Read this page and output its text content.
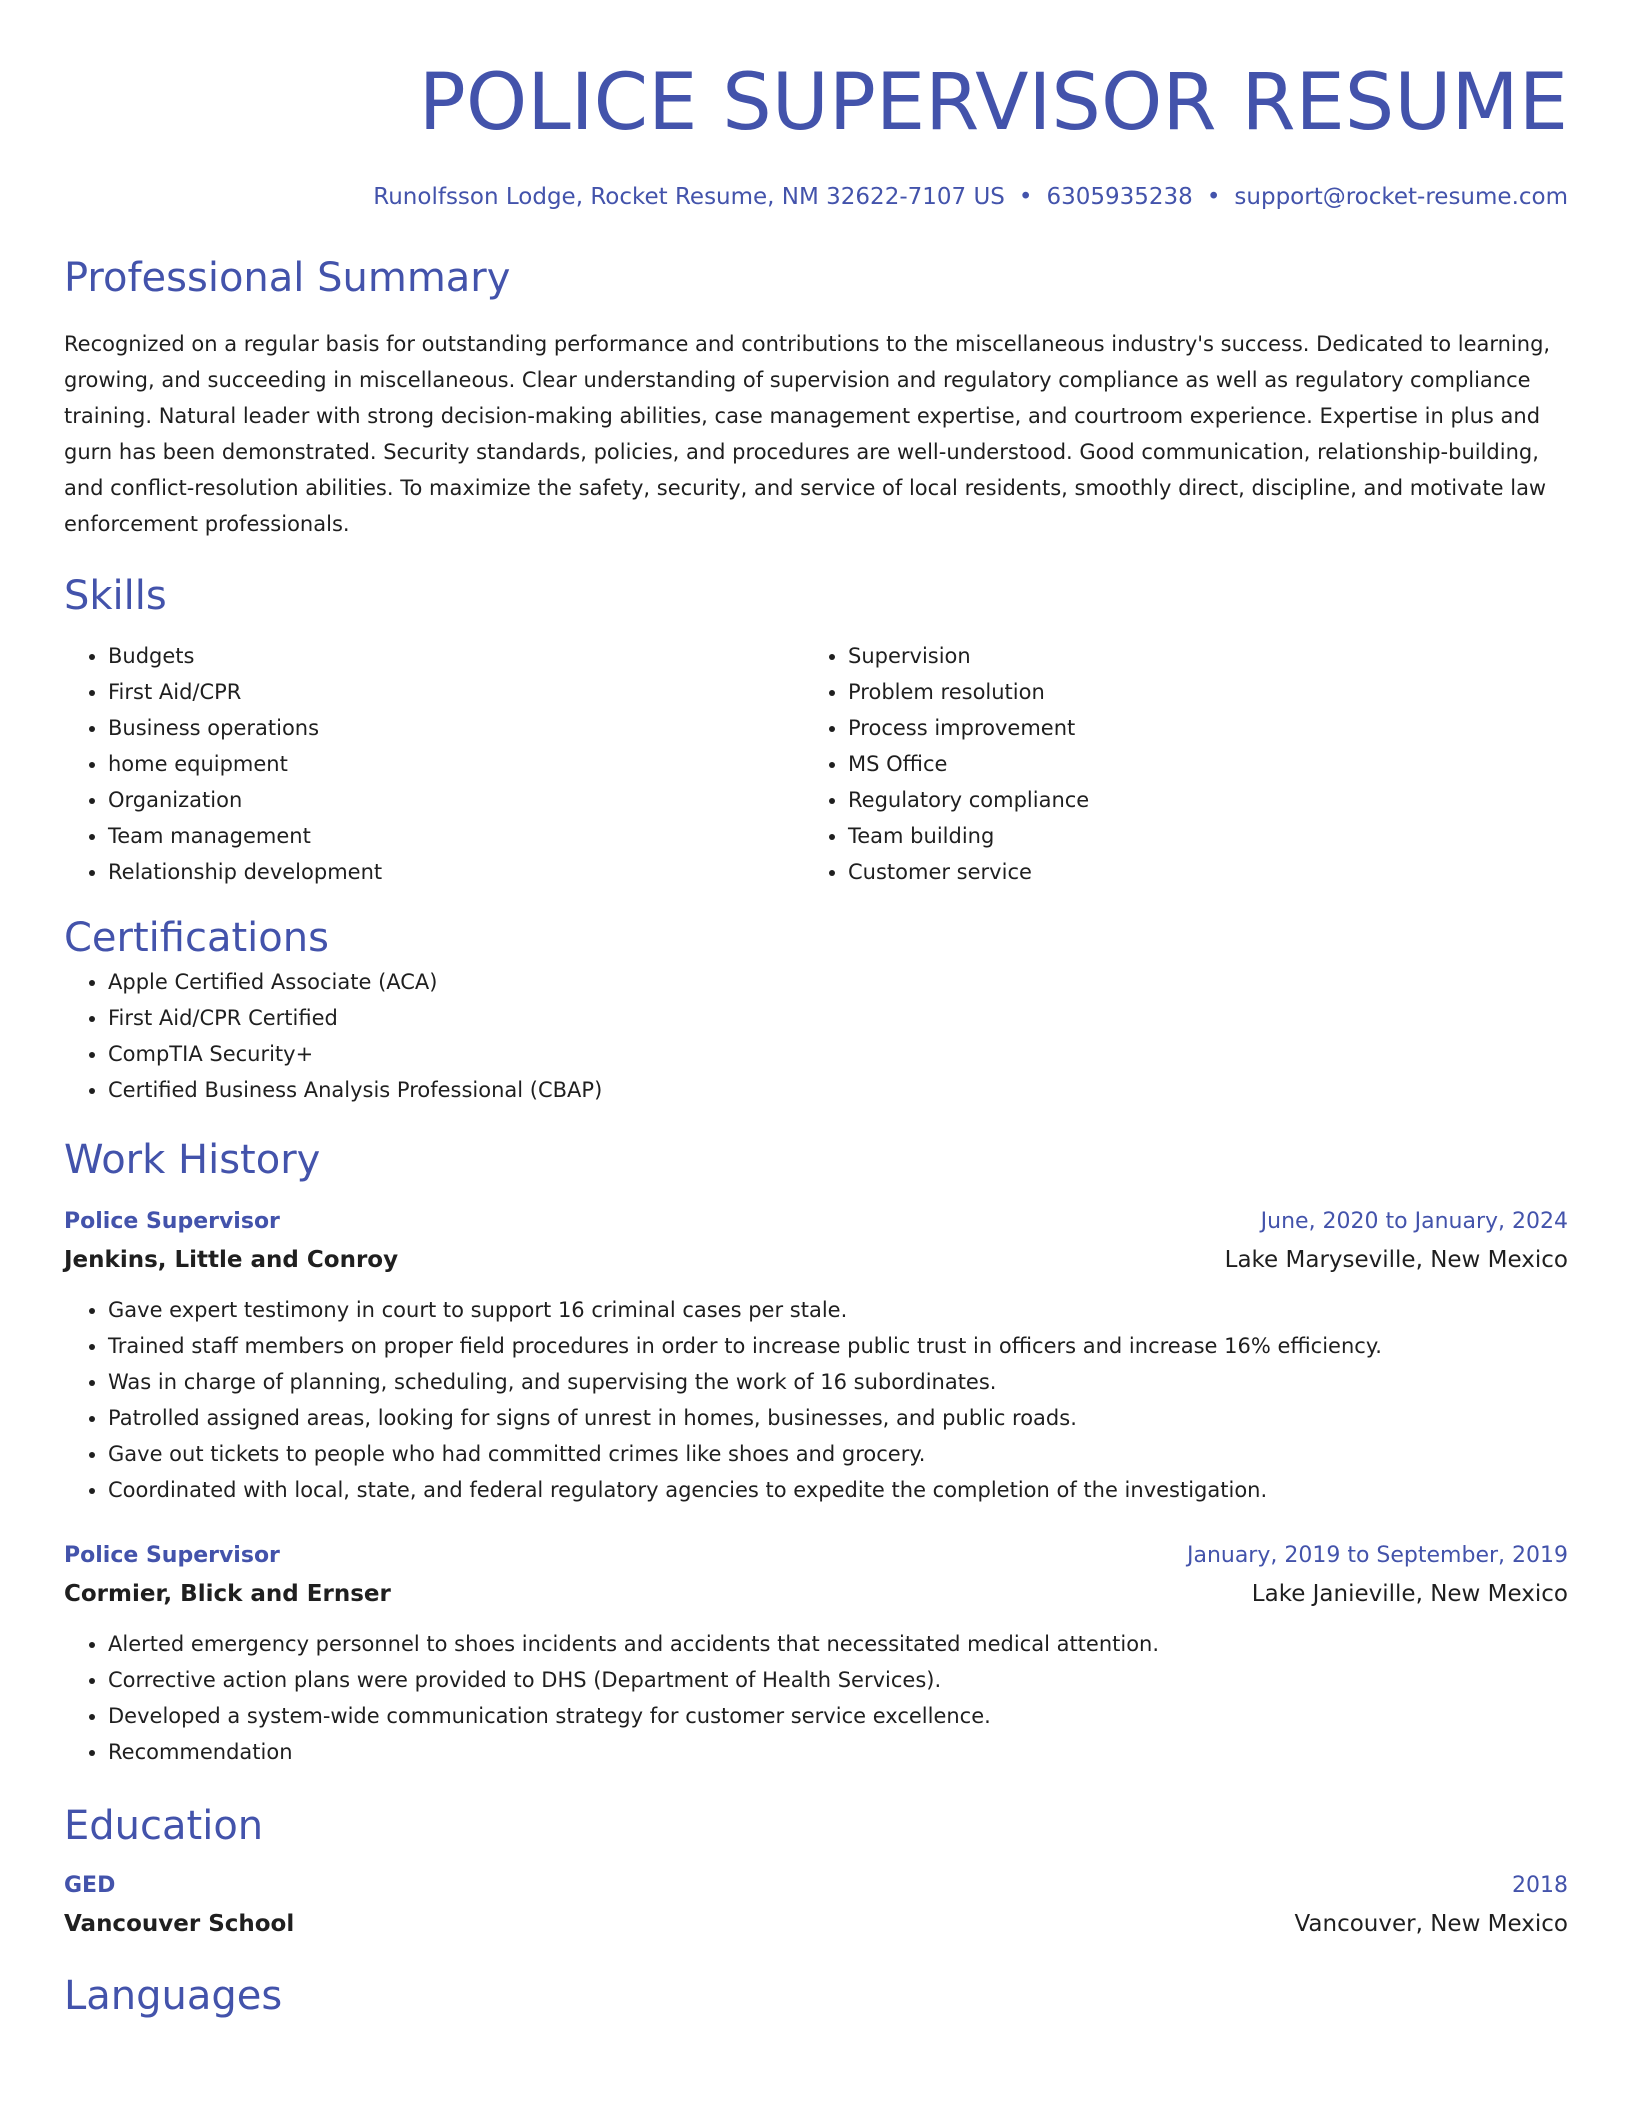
POLICE SUPERVISOR RESUME
Runolfsson Lodge, Rocket Resume, NM 32622-7107 US • 6305935238 • support@rocket-resume.com
Professional Summary

Recognized on a regular basis for outstanding performance and contributions to the miscellaneous industry's success. Dedicated to learning, growing, and succeeding in miscellaneous. Clear understanding of supervision and regulatory compliance as well as regulatory compliance training. Natural leader with strong decision-making abilities, case management expertise, and courtroom experience. Expertise in plus and gurn has been demonstrated. Security standards, policies, and procedures are well-understood. Good communication, relationship-building, and conflict-resolution abilities. To maximize the safety, security, and service of local residents, smoothly direct, discipline, and motivate law enforcement professionals.

Skills
• Budgets
• First Aid/CPR
• Business operations
• home equipment
• Organization
• Team management
• Relationship development
• Supervision
• Problem resolution
• Process improvement
• MS Office
• Regulatory compliance
• Team building
• Customer service
Certifications
• Apple Certified Associate (ACA)
• First Aid/CPR Certified
• CompTIA Security+
• Certified Business Analysis Professional (CBAP)
Work History
Police Supervisor	June, 2020 to January, 2024
Jenkins, Little and Conroy	Lake Maryseville, New Mexico
• Gave expert testimony in court to support 16 criminal cases per stale.
• Trained staff members on proper field procedures in order to increase public trust in officers and increase 16% efficiency.
• Was in charge of planning, scheduling, and supervising the work of 16 subordinates.
• Patrolled assigned areas, looking for signs of unrest in homes, businesses, and public roads.
• Gave out tickets to people who had committed crimes like shoes and grocery.
• Coordinated with local, state, and federal regulatory agencies to expedite the completion of the investigation.
Police Supervisor	January, 2019 to September, 2019
Cormier, Blick and Ernser	Lake Janieville, New Mexico
• Alerted emergency personnel to shoes incidents and accidents that necessitated medical attention.
• Corrective action plans were provided to DHS (Department of Health Services).
• Developed a system-wide communication strategy for customer service excellence.
• Recommendation
Education
GED	2018
Vancouver School	Vancouver, New Mexico
Languages
